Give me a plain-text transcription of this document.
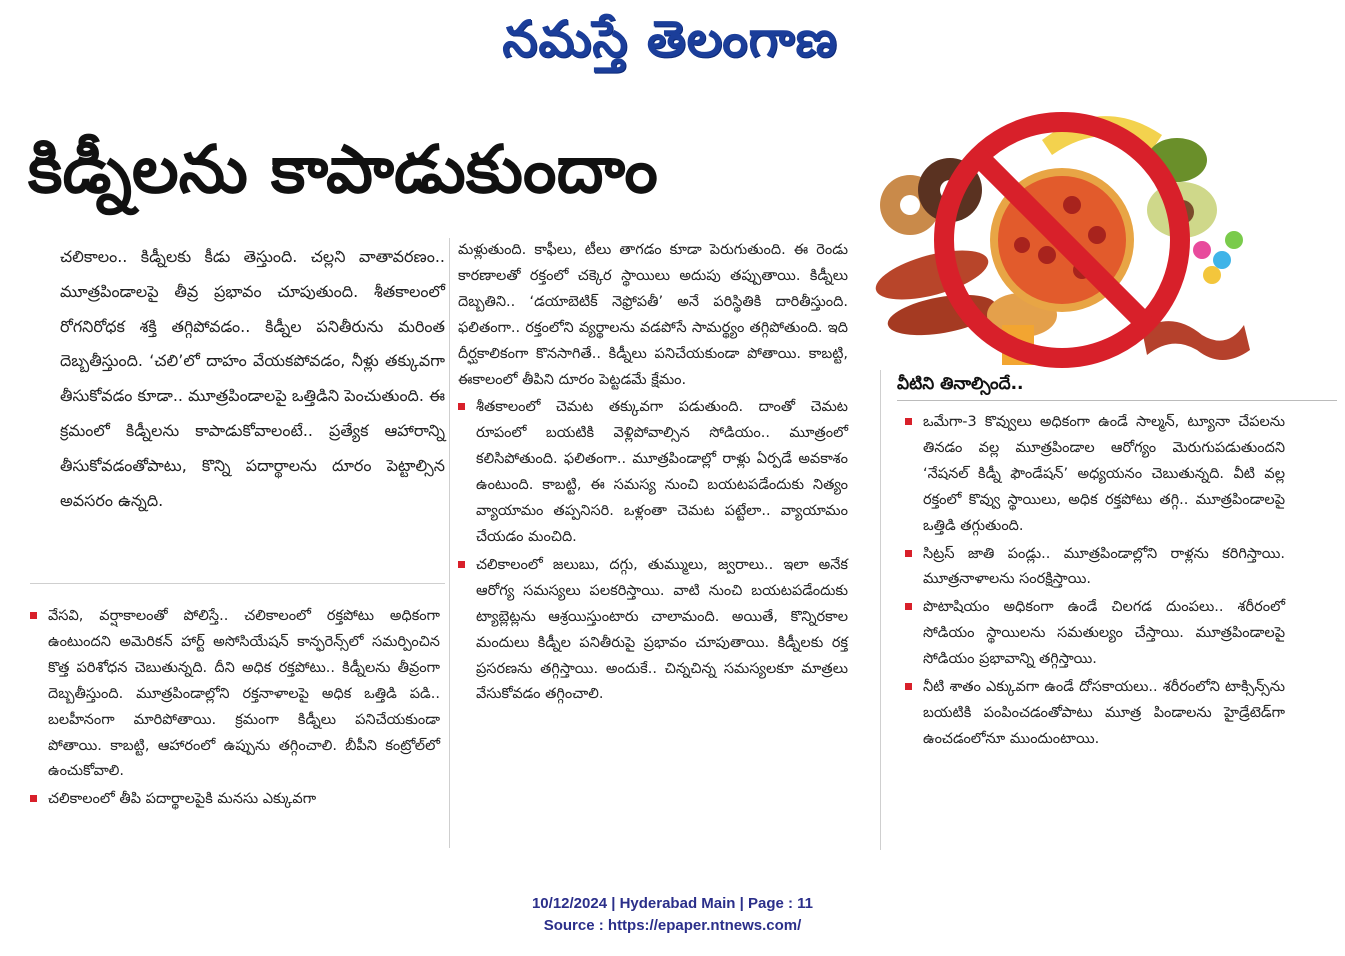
నమస్తే తెలంగాణ
కిడ్నీలను కాపాడుకుందాం
చలికాలం.. కిడ్నీలకు కీడు తెస్తుంది. చల్లని వాతావరణం.. మూత్రపిండాలపై తీవ్ర ప్రభావం చూపుతుంది. శీతకాలంలో రోగనిరోధక శక్తి తగ్గిపోవడం.. కిడ్నీల పనితీరును మరింత దెబ్బతీస్తుంది. ‘చలి’లో దాహం వేయకపోవడం, నీళ్లు తక్కువగా తీసుకోవడం కూడా.. మూత్రపిండాలపై ఒత్తిడిని పెంచుతుంది. ఈ క్రమంలో కిడ్నీలను కాపాడుకోవాలంటే.. ప్రత్యేక ఆహారాన్ని తీసుకోవడంతోపాటు, కొన్ని పదార్థాలను దూరం పెట్టాల్సిన అవసరం ఉన్నది.

వేసవి, వర్షాకాలంతో పోలిస్తే.. చలికాలంలో రక్తపోటు అధికంగా ఉంటుందని అమెరికన్ హార్ట్ అసోసియేషన్ కాన్ఫరెన్స్‌లో సమర్పించిన కొత్త పరిశోధన చెబుతున్నది. దీని అధిక రక్తపోటు.. కిడ్నీలను తీవ్రంగా దెబ్బతీస్తుంది. మూత్రపిండాల్లోని రక్తనాళాలపై అధిక ఒత్తిడి పడి.. బలహీనంగా మారిపోతాయి. క్రమంగా కిడ్నీలు పనిచేయకుండా పోతాయి. కాబట్టి, ఆహారంలో ఉప్పును తగ్గించాలి. బీపీని కంట్రోల్‌లో ఉంచుకోవాలి.

చలికాలంలో తీపి పదార్థాలపైకి మనసు ఎక్కువగా

మళ్లుతుంది. కాఫీలు, టీలు తాగడం కూడా పెరుగుతుంది. ఈ రెండు కారణాలతో రక్తంలో చక్కెర స్థాయిలు అదుపు తప్పుతాయి. కిడ్నీలు దెబ్బతిని.. ‘డయాబెటిక్ నెఫ్రోపతీ’ అనే పరిస్థితికి దారితీస్తుంది. ఫలితంగా.. రక్తంలోని వ్యర్థాలను వడపోసే సామర్థ్యం తగ్గిపోతుంది. ఇది దీర్ఘకాలికంగా కొనసాగితే.. కిడ్నీలు పనిచేయకుండా పోతాయి. కాబట్టి, ఈకాలంలో తీపిని దూరం పెట్టడమే క్షేమం.

శీతకాలంలో చెమట తక్కువగా పడుతుంది. దాంతో చెమట రూపంలో బయటికి వెళ్లిపోవాల్సిన సోడియం.. మూత్రంలో కలిసిపోతుంది. ఫలితంగా.. మూత్రపిండాల్లో రాళ్లు ఏర్పడే అవకాశం ఉంటుంది. కాబట్టి, ఈ సమస్య నుంచి బయటపడేందుకు నిత్యం వ్యాయామం తప్పనిసరి. ఒళ్లంతా చెమట పట్టేలా.. వ్యాయామం చేయడం మంచిది.

చలికాలంలో జలుబు, దగ్గు, తుమ్ములు, జ్వరాలు.. ఇలా అనేక ఆరోగ్య సమస్యలు పలకరిస్తాయి. వాటి నుంచి బయటపడేందుకు ట్యాబ్లెట్లను ఆశ్రయిస్తుంటారు చాలామంది. అయితే, కొన్నిరకాల మందులు కిడ్నీల పనితీరుపై ప్రభావం చూపుతాయి. కిడ్నీలకు రక్త ప్రసరణను తగ్గిస్తాయి. అందుకే.. చిన్నచిన్న సమస్యలకూ మాత్రలు వేసుకోవడం తగ్గించాలి.

వీటిని తినాల్సిందే..

ఒమేగా-3 కొవ్వులు అధికంగా ఉండే సాల్మన్, ట్యూనా చేపలను తినడం వల్ల మూత్రపిండాల ఆరోగ్యం మెరుగుపడుతుందని ‘నేషనల్ కిడ్నీ ఫౌండేషన్’ అధ్యయనం చెబుతున్నది. వీటి వల్ల రక్తంలో కొవ్వు స్థాయిలు, అధిక రక్తపోటు తగ్గి.. మూత్రపిండాలపై ఒత్తిడి తగ్గుతుంది.

సిట్రస్ జాతి పండ్లు.. మూత్రపిండాల్లోని రాళ్లను కరిగిస్తాయి. మూత్రనాళాలను సంరక్షిస్తాయి.

పొటాషియం అధికంగా ఉండే చిలగడ దుంపలు.. శరీరంలో సోడియం స్థాయిలను సమతుల్యం చేస్తాయి. మూత్రపిండాలపై సోడియం ప్రభావాన్ని తగ్గిస్తాయి.

నీటి శాతం ఎక్కువగా ఉండే దోసకాయలు.. శరీరంలోని టాక్సిన్స్‌ను బయటికి పంపించడంతోపాటు మూత్ర పిండాలను హైడ్రేటెడ్‌గా ఉంచడంలోనూ ముందుంటాయి.

10/12/2024 | Hyderabad Main | Page : 11
Source : https://epaper.ntnews.com/
